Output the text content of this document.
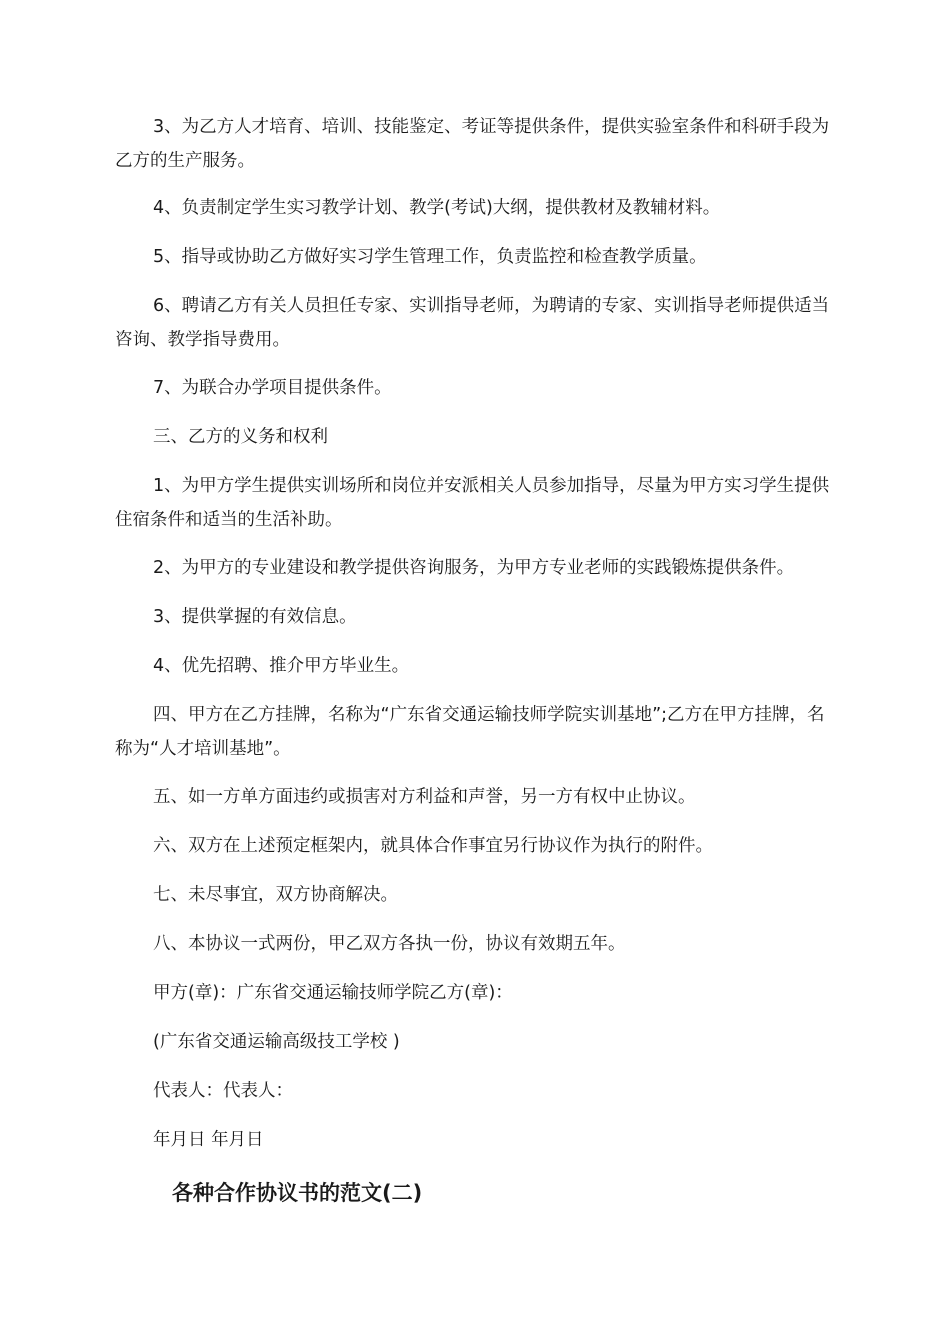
3、为乙方人才培育、培训、技能鉴定、考证等提供条件，提供实验室条件和科研手段为乙方的生产服务。

4、负责制定学生实习教学计划、教学(考试)大纲，提供教材及教辅材料。

5、指导或协助乙方做好实习学生管理工作，负责监控和检查教学质量。

6、聘请乙方有关人员担任专家、实训指导老师，为聘请的专家、实训指导老师提供适当咨询、教学指导费用。

7、为联合办学项目提供条件。

三、乙方的义务和权利

1、为甲方学生提供实训场所和岗位并安派相关人员参加指导，尽量为甲方实习学生提供住宿条件和适当的生活补助。

2、为甲方的专业建设和教学提供咨询服务，为甲方专业老师的实践锻炼提供条件。

3、提供掌握的有效信息。

4、优先招聘、推介甲方毕业生。

四、甲方在乙方挂牌，名称为“广东省交通运输技师学院实训基地”;乙方在甲方挂牌，名称为“人才培训基地”。

五、如一方单方面违约或损害对方利益和声誉，另一方有权中止协议。

六、双方在上述预定框架内，就具体合作事宜另行协议作为执行的附件。

七、未尽事宜，双方协商解决。

八、本协议一式两份，甲乙双方各执一份，协议有效期五年。

甲方(章)：广东省交通运输技师学院乙方(章)：

(广东省交通运输高级技工学校 )

代表人：代表人：

年月日 年月日

各种合作协议书的范文(二)
